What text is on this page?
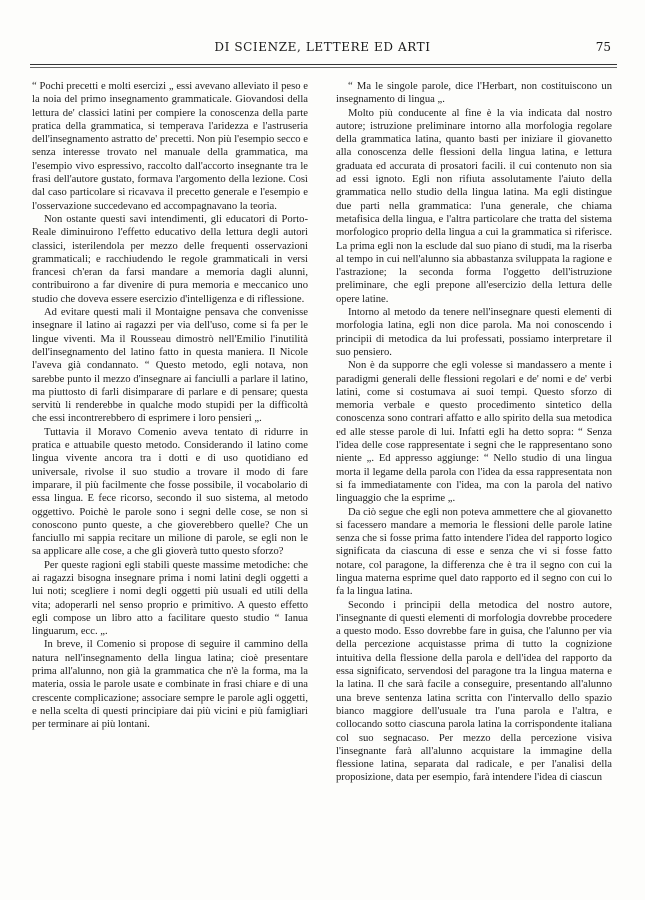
DI SCIENZE, LETTERE ED ARTI	75

“ Pochi precetti e molti esercizi „ essi avevano alleviato il peso e la noia del primo insegnamento grammaticale. Giovandosi della lettura de' classici latini per compiere la conoscenza della parte pratica della grammatica, si temperava l'aridezza e l'astruseria dell'insegnamento astratto de' precetti. Non più l'esempio secco e senza interesse trovato nel manuale della grammatica, ma l'esempio vivo espressivo, raccolto dall'accorto insegnante tra le frasi dell'autore gustato, formava l'argomento della lezione. Così dal caso particolare si ricavava il precetto generale e l'esempio e l'osservazione succedevano ed accompagnavano la teoria.

Non ostante questi savi intendimenti, gli educatori di Porto-Reale diminuirono l'effetto educativo della lettura degli autori classici, isterilendola per mezzo delle frequenti osservazioni grammaticali; e racchiudendo le regole grammaticali in versi francesi ch'eran da farsi mandare a memoria dagli alunni, contribuirono a far divenire di pura memoria e meccanico uno studio che doveva essere esercizio d'intelligenza e di riflessione.

Ad evitare questi mali il Montaigne pensava che convenisse insegnare il latino ai ragazzi per via dell'uso, come si fa per le lingue viventi. Ma il Rousseau dimostrò nell'Emilio l'inutilità dell'insegnamento del latino fatto in questa maniera. Il Nicole l'aveva già condannato. “ Questo metodo, egli notava, non sarebbe punto il mezzo d'insegnare ai fanciulli a parlare il latino, ma piuttosto di farli disimparare di parlare e di pensare; questa servitù li renderebbe in qualche modo stupidi per la difficoltà che essi incontrerebbero di esprimere i loro pensieri „.

Tuttavia il Moravo Comenio aveva tentato di ridurre in pratica e attuabile questo metodo. Considerando il latino come lingua vivente ancora tra i dotti e di uso quotidiano ed universale, rivolse il suo studio a trovare il modo di fare imparare, il più facilmente che fosse possibile, il vocabolario di essa lingua. E fece ricorso, secondo il suo sistema, al metodo oggettivo. Poichè le parole sono i segni delle cose, se non si conoscono punto queste, a che gioverebbero quelle? Che un fanciullo mi sappia recitare un milione di parole, se egli non le sa applicare alle cose, a che gli gioverà tutto questo sforzo?

Per queste ragioni egli stabilì queste massime metodiche: che ai ragazzi bisogna insegnare prima i nomi latini degli oggetti a lui noti; scegliere i nomi degli oggetti più usuali ed utili della vita; adoperarli nel senso proprio e primitivo. A questo effetto egli compose un libro atto a facilitare questo studio “ Ianua linguarum, ecc. „.

In breve, il Comenio si propose di seguire il cammino della natura nell'insegnamento della lingua latina; cioè presentare prima all'alunno, non già la grammatica che n'è la forma, ma la materia, ossia le parole usate e combinate in frasi chiare e di una crescente complicazione; associare sempre le parole agli oggetti, e nella scelta di questi principiare dai più vicini e più famigliari per terminare ai più lontani.

“ Ma le singole parole, dice l'Herbart, non costituiscono un insegnamento di lingua „.

Molto più conducente al fine è la via indicata dal nostro autore; istruzione preliminare intorno alla morfologia regolare della grammatica latina, quanto basti per iniziare il giovanetto alla conoscenza delle flessioni della lingua latina, e lettura graduata ed accurata di prosatori facili. il cui contenuto non sia ad essi ignoto. Egli non rifiuta assolutamente l'aiuto della grammatica nello studio della lingua latina. Ma egli distingue due parti nella grammatica: l'una generale, che chiama metafisica della lingua, e l'altra particolare che tratta del sistema morfologico proprio della lingua a cui la grammatica si riferisce. La prima egli non la esclude dal suo piano di studi, ma la riserba al tempo in cui nell'alunno sia abbastanza sviluppata la ragione e l'astrazione; la seconda forma l'oggetto dell'istruzione preliminare, che egli prepone all'esercizio della lettura delle opere latine.

Intorno al metodo da tenere nell'insegnare questi elementi di morfologia latina, egli non dice parola. Ma noi conoscendo i principii di metodica da lui professati, possiamo interpretare il suo pensiero.

Non è da supporre che egli volesse si mandassero a mente i paradigmi generali delle flessioni regolari e de' nomi e de' verbi latini, come si costumava ai suoi tempi. Questo sforzo di memoria verbale e questo procedimento sintetico della conoscenza sono contrari affatto e allo spirito della sua metodica ed alle stesse parole di lui. Infatti egli ha detto sopra: “ Senza l'idea delle cose rappresentate i segni che le rappresentano sono niente „. Ed appresso aggiunge: “ Nello studio di una lingua morta il legame della parola con l'idea da essa rappresentata non si fa immediatamente con l'idea, ma con la parola del nativo linguaggio che la esprime „.

Da ciò segue che egli non poteva ammettere che al giovanetto si facessero mandare a memoria le flessioni delle parole latine senza che si fosse prima fatto intendere l'idea del rapporto logico significata da ciascuna di esse e senza che vi si fosse fatto notare, col paragone, la differenza che è tra il segno con cui la lingua materna esprime quel dato rapporto ed il segno con cui lo fa la lingua latina.

Secondo i principii della metodica del nostro autore, l'insegnante di questi elementi di morfologia dovrebbe procedere a questo modo. Esso dovrebbe fare in guisa, che l'alunno per via della percezione acquistasse prima di tutto la cognizione intuitiva della flessione della parola e dell'idea del rapporto da essa significato, servendosi del paragone tra la lingua materna e la latina. Il che sarà facile a conseguire, presentando all'alunno una breve sentenza latina scritta con l'intervallo dello spazio bianco maggiore dell'usuale tra l'una parola e l'altra, e collocando sotto ciascuna parola latina la corrispondente italiana col suo segnacaso. Per mezzo della percezione visiva l'insegnante farà all'alunno acquistare la immagine della flessione latina, separata dal radicale, e per l'analisi della proposizione, data per esempio, farà intendere l'idea di ciascun
